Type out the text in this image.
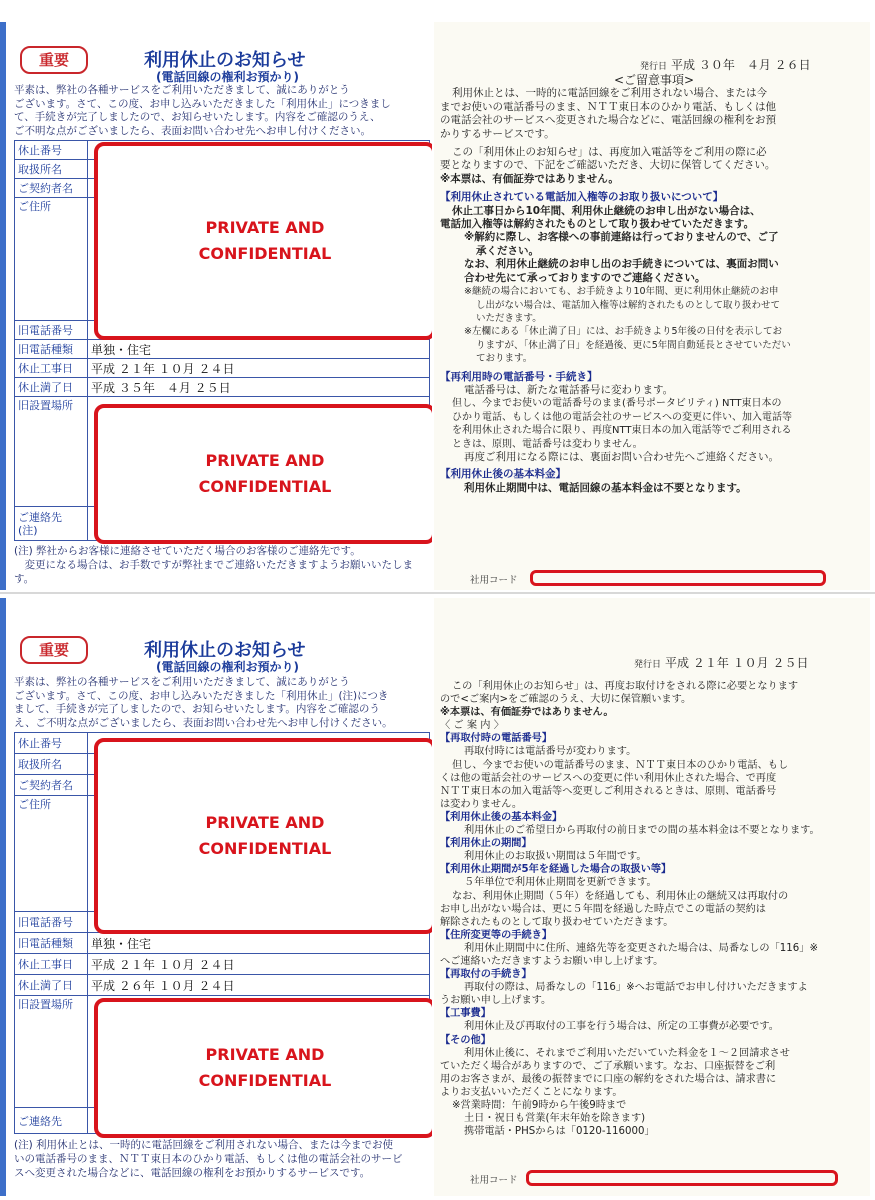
重要	利用休止のお知らせ
(電話回線の権利お預かり)

平素は、弊社の各種サービスをご利用いただきまして、誠にありがとう

ございます。さて、この度、お申し込みいただきました「利用休止」につきまし

て、手続きが完了しましたので、お知らせいたします。内容をご確認のうえ、

ご不明な点がございましたら、表面お問い合わせ先へお申し付けください。

休止番号	
取扱所名	
ご契約者名	
ご住所	
旧電話番号	
旧電話種類	単独・住宅
休止工事日	平成 ２１年 １０月 ２４日
休止満了日	平成 ３５年　４月 ２５日
旧設置場所	
ご連絡先
(注)	
PRIVATE AND
CONFIDENTIAL
PRIVATE AND
CONFIDENTIAL

(注) 弊社からお客様に連絡させていただく場合のお客様のご連絡先です。

　変更になる場合は、お手数ですが弊社までご連絡いただきますようお願いいたします。

発行日 平成 ３０年　４月 ２６日

<ご留意事項>

利用休止とは、一時的に電話回線をご利用されない場合、または今

までお使いの電話番号のまま、ＮＴＴ東日本のひかり電話、もしくは他

の電話会社のサービスへ変更された場合などに、電話回線の権利をお預

かりするサービスです。

この「利用休止のお知らせ」は、再度加入電話等をご利用の際に必

要となりますので、下記をご確認いただき、大切に保管してください。

※本票は、有価証券ではありません。

【利用休止されている電話加入権等のお取り扱いについて】

休止工事日から10年間、利用休止継続のお申し出がない場合は、

電話加入権等は解約されたものとして取り扱わせていただきます。

※解約に際し、お客様への事前連絡は行っておりませんので、ご了

承ください。

なお、利用休止継続のお申し出のお手続きについては、裏面お問い

合わせ先にて承っておりますのでご連絡ください。

※継続の場合においても、お手続きより10年間、更に利用休止継続のお申

し出がない場合は、電話加入権等は解約されたものとして取り扱わせて

いただきます。

※左欄にある「休止満了日」には、お手続きより5年後の日付を表示してお

りますが、「休止満了日」を経過後、更に5年間自動延長とさせていただい

ております。

【再利用時の電話番号・手続き】

電話番号は、新たな電話番号に変わります。

但し、今までお使いの電話番号のまま(番号ポータビリティ) NTT東日本の

ひかり電話、もしくは他の電話会社のサービスへの変更に伴い、加入電話等

を利用休止された場合に限り、再度NTT東日本の加入電話等でご利用される

ときは、原則、電話番号は変わりません。

再度ご利用になる際には、裏面お問い合わせ先へご連絡ください。

【利用休止後の基本料金】

利用休止期間中は、電話回線の基本料金は不要となります。

社用コード
重要	利用休止のお知らせ
(電話回線の権利お預かり)

平素は、弊社の各種サービスをご利用いただきまして、誠にありがとう

ございます。さて、この度、お申し込みいただきました「利用休止」(注)につき

まして、手続きが完了しましたので、お知らせいたします。内容をご確認のう

え、ご不明な点がございましたら、表面お問い合わせ先へお申し付けください。

休止番号	
取扱所名	
ご契約者名	
ご住所	
旧電話番号	
旧電話種類	単独・住宅
休止工事日	平成 ２１年 １０月 ２４日
休止満了日	平成 ２６年 １０月 ２４日
旧設置場所	
ご連絡先	
PRIVATE AND
CONFIDENTIAL
PRIVATE AND
CONFIDENTIAL

(注) 利用休止とは、一時的に電話回線をご利用されない場合、または今までお使

いの電話番号のまま、ＮＴＴ東日本のひかり電話、もしくは他の電話会社のサービ

スへ変更された場合などに、電話回線の権利をお預かりするサービスです。

発行日 平成 ２１年 １０月 ２５日

この「利用休止のお知らせ」は、再度お取付けをされる際に必要となります

ので<ご案内>をご確認のうえ、大切に保管願います。

※本票は、有価証券ではありません。

〈 ご 案 内 〉

【再取付時の電話番号】

再取付時には電話番号が変わります。

但し、今までお使いの電話番号のまま、ＮＴＴ東日本のひかり電話、もし

くは他の電話会社のサービスへの変更に伴い利用休止された場合、で再度

ＮＴＴ東日本の加入電話等へ変更しご利用されるときは、原則、電話番号

は変わりません。

【利用休止後の基本料金】

利用休止のご希望日から再取付の前日までの間の基本料金は不要となります。

【利用休止の期間】

利用休止のお取扱い期間は５年間です。

【利用休止期間が5年を経過した場合の取扱い等】

５年単位で利用休止期間を更新できます。

なお、利用休止期間（５年）を経過しても、利用休止の継続又は再取付の

お申し出がない場合は、更に５年間を経過した時点でこの電話の契約は

解除されたものとして取り扱わせていただきます。

【住所変更等の手続き】

利用休止期間中に住所、連絡先等を変更された場合は、局番なしの「116」※

へご連絡いただきますようお願い申し上げます。

【再取付の手続き】

再取付の際は、局番なしの「116」※へお電話でお申し付けいただきますよ

うお願い申し上げます。

【工事費】

利用休止及び再取付の工事を行う場合は、所定の工事費が必要です。

【その他】

利用休止後に、それまでご利用いただいていた料金を１～２回請求させ

ていただく場合がありますので、ご了承願います。なお、口座振替をご利

用のお客さまが、最後の振替までに口座の解約をされた場合は、請求書に

よりお支払いいただくことになります。

※営業時間：午前9時から午後9時まで

土日・祝日も営業(年末年始を除きます)

携帯電話・PHSからは「0120-116000」

社用コード
